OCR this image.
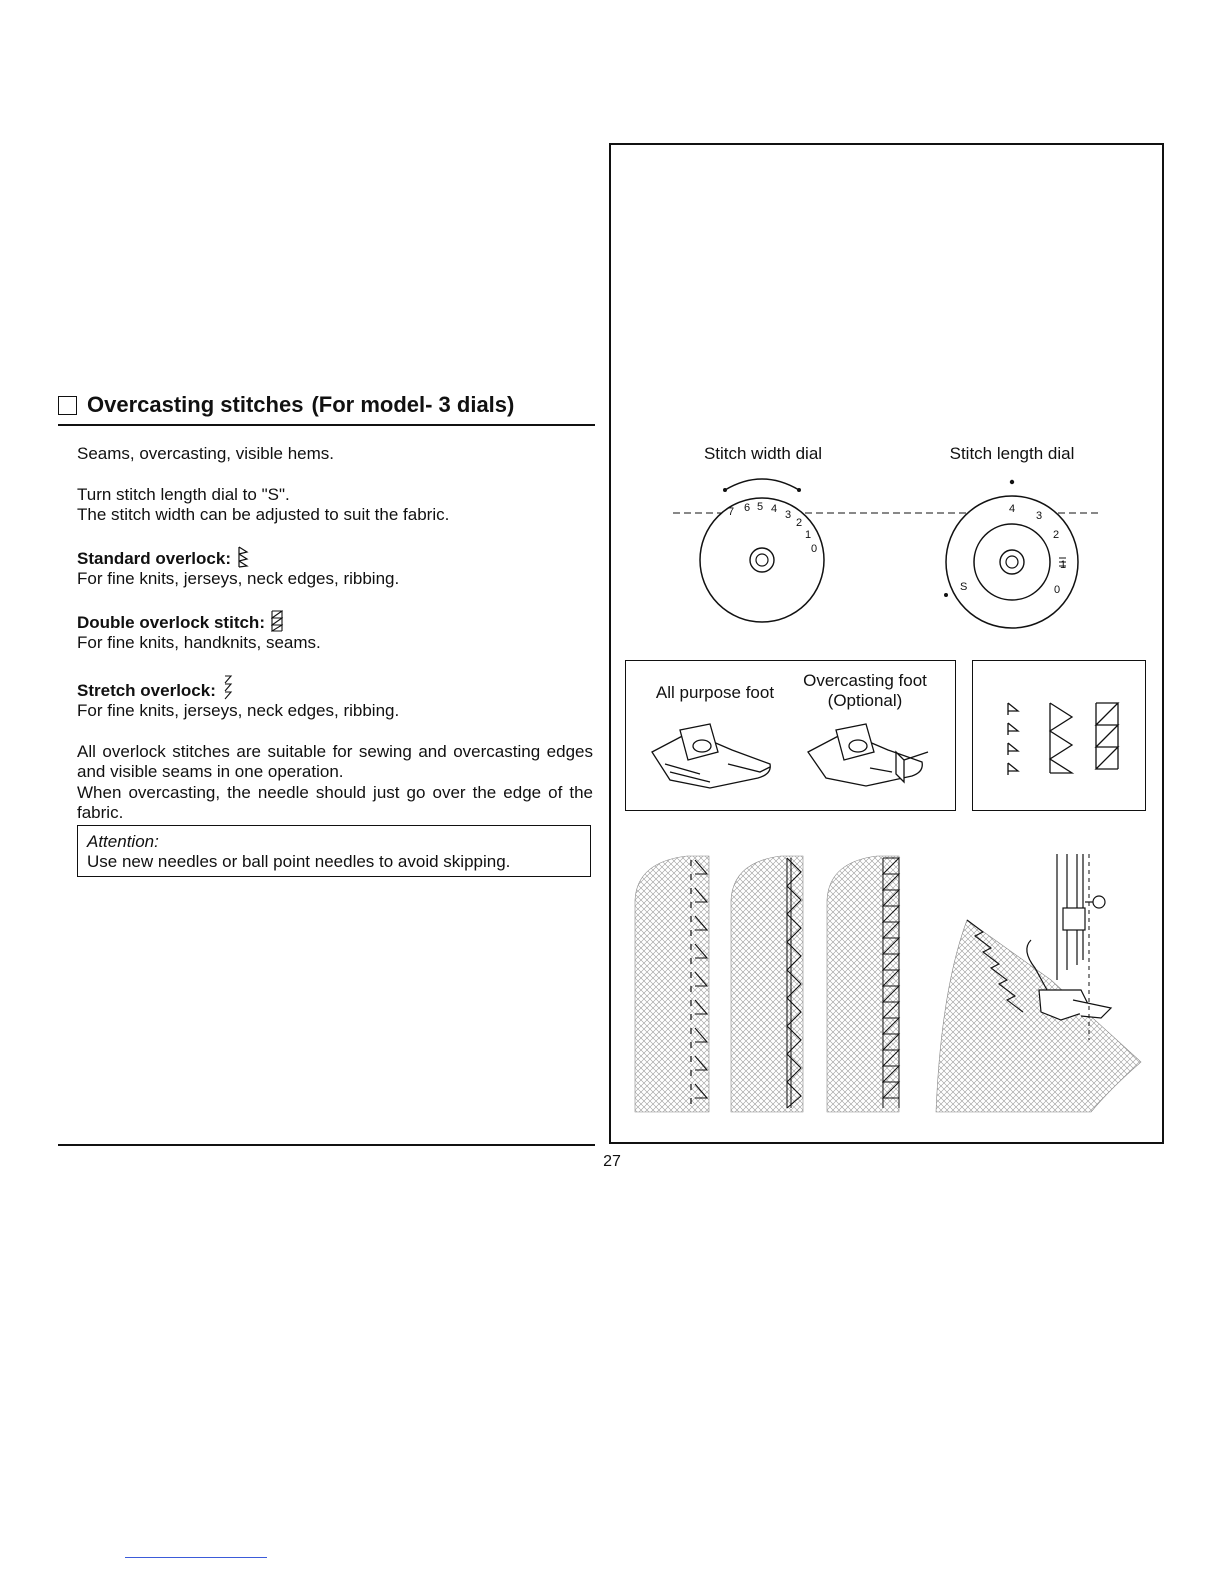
Overcasting stitches (For model- 3 dials)

Seams, overcasting, visible hems.

Turn stitch length dial to "S".
The stitch width can be adjusted to suit the fabric.
Standard overlock:
For fine knits, jerseys, neck edges, ribbing.
Double overlock stitch:
For fine knits, handknits, seams.
Stretch overlock:
For fine knits, jerseys, neck edges, ribbing.
All overlock stitches are suitable for sewing and overcasting edges and visible seams in one operation.
When overcasting, the needle should just go over the edge of the fabric.
Attention:
Use new needles or ball point needles to avoid skipping.
Stitch width dial	Stitch length dial
7 6 5 4 3
2
1
0
4
3
2
1
0
S
All purpose foot
Overcasting foot
(Optional)
27
